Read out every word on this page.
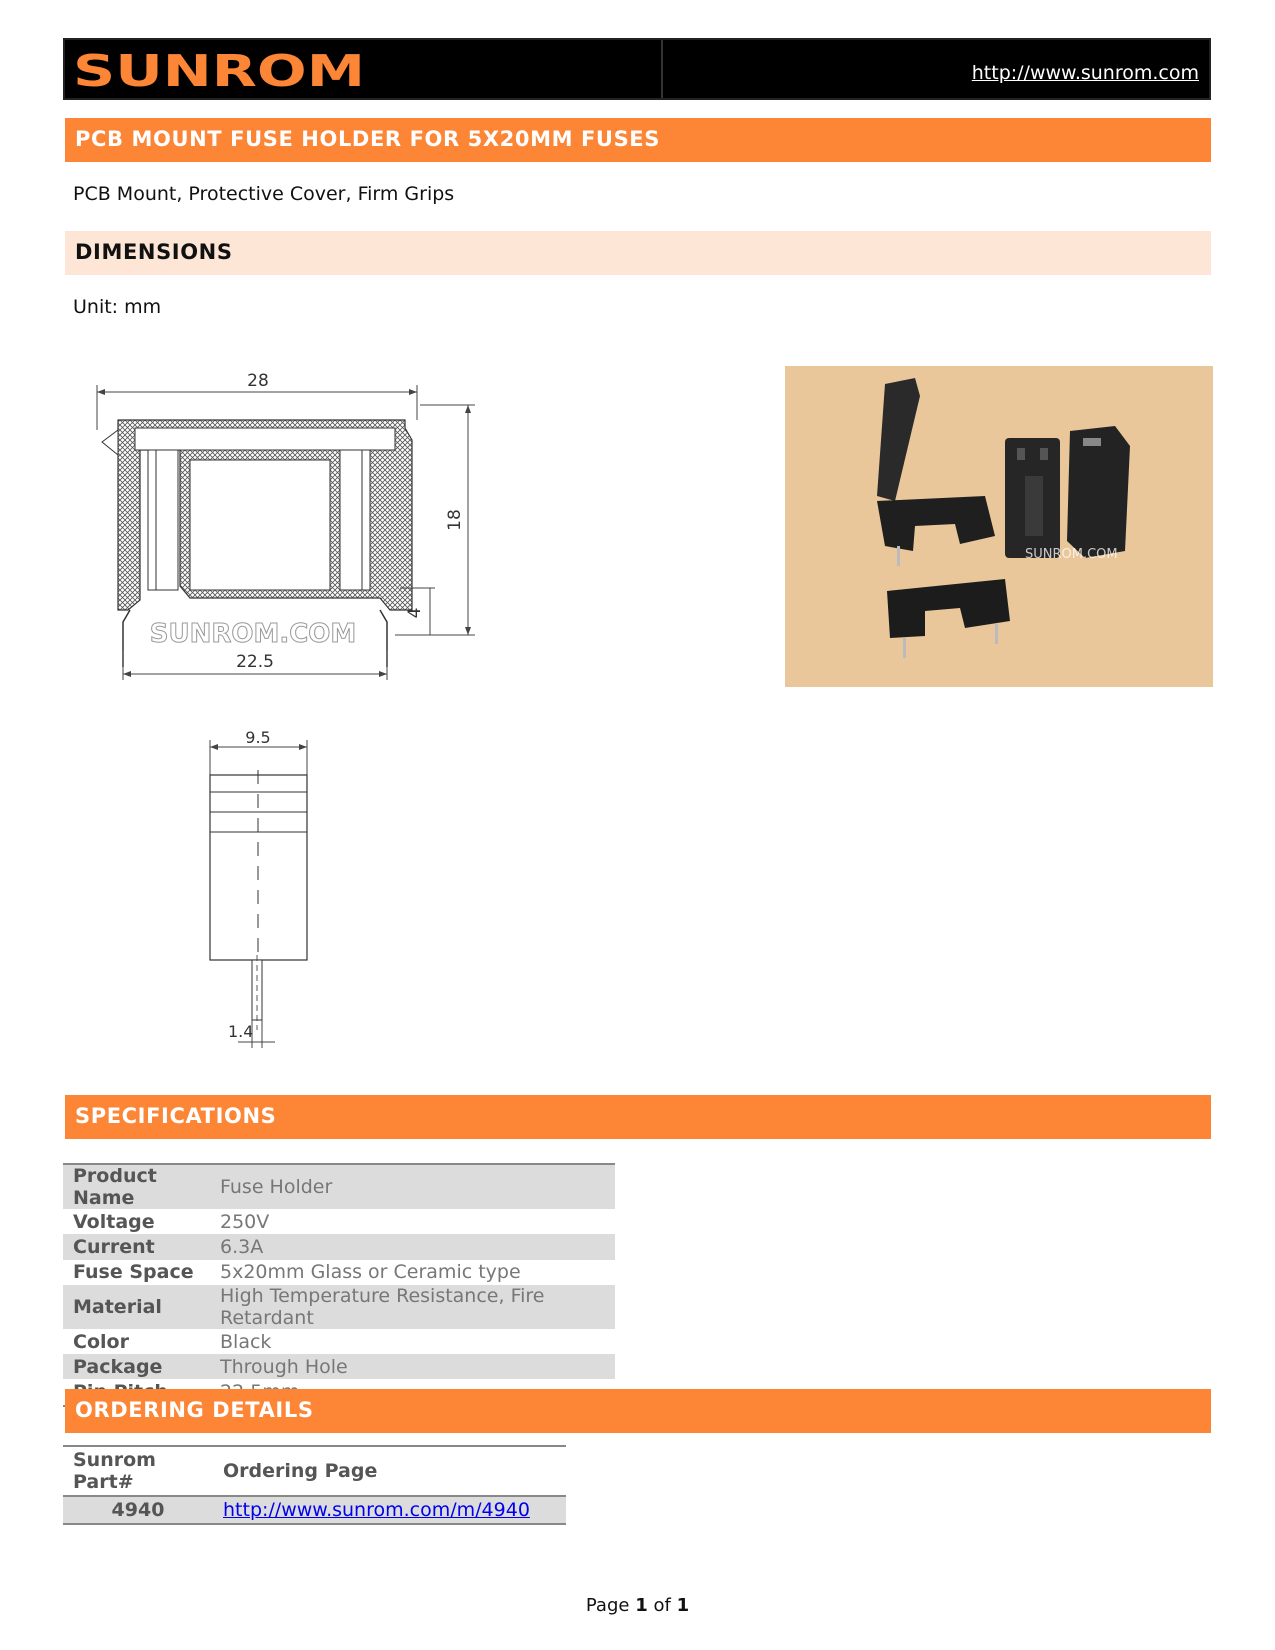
SUNROM	http://www.sunrom.com
PCB MOUNT FUSE HOLDER FOR 5X20MM FUSES
PCB Mount, Protective Cover, Firm Grips
DIMENSIONS
Unit: mm
28
SUNROM.COM
18
4
22.5
9.5
1.4
SUNROM.COM
SPECIFICATIONS
Product Name	Fuse Holder
Voltage	250V
Current	6.3A
Fuse Space	5x20mm Glass or Ceramic type
Material	High Temperature Resistance, Fire Retardant
Color	Black
Package	Through Hole

ORDERING DETAILS
Sunrom Part#	Ordering Page
4940	http://www.sunrom.com/m/4940
Page 1 of 1
